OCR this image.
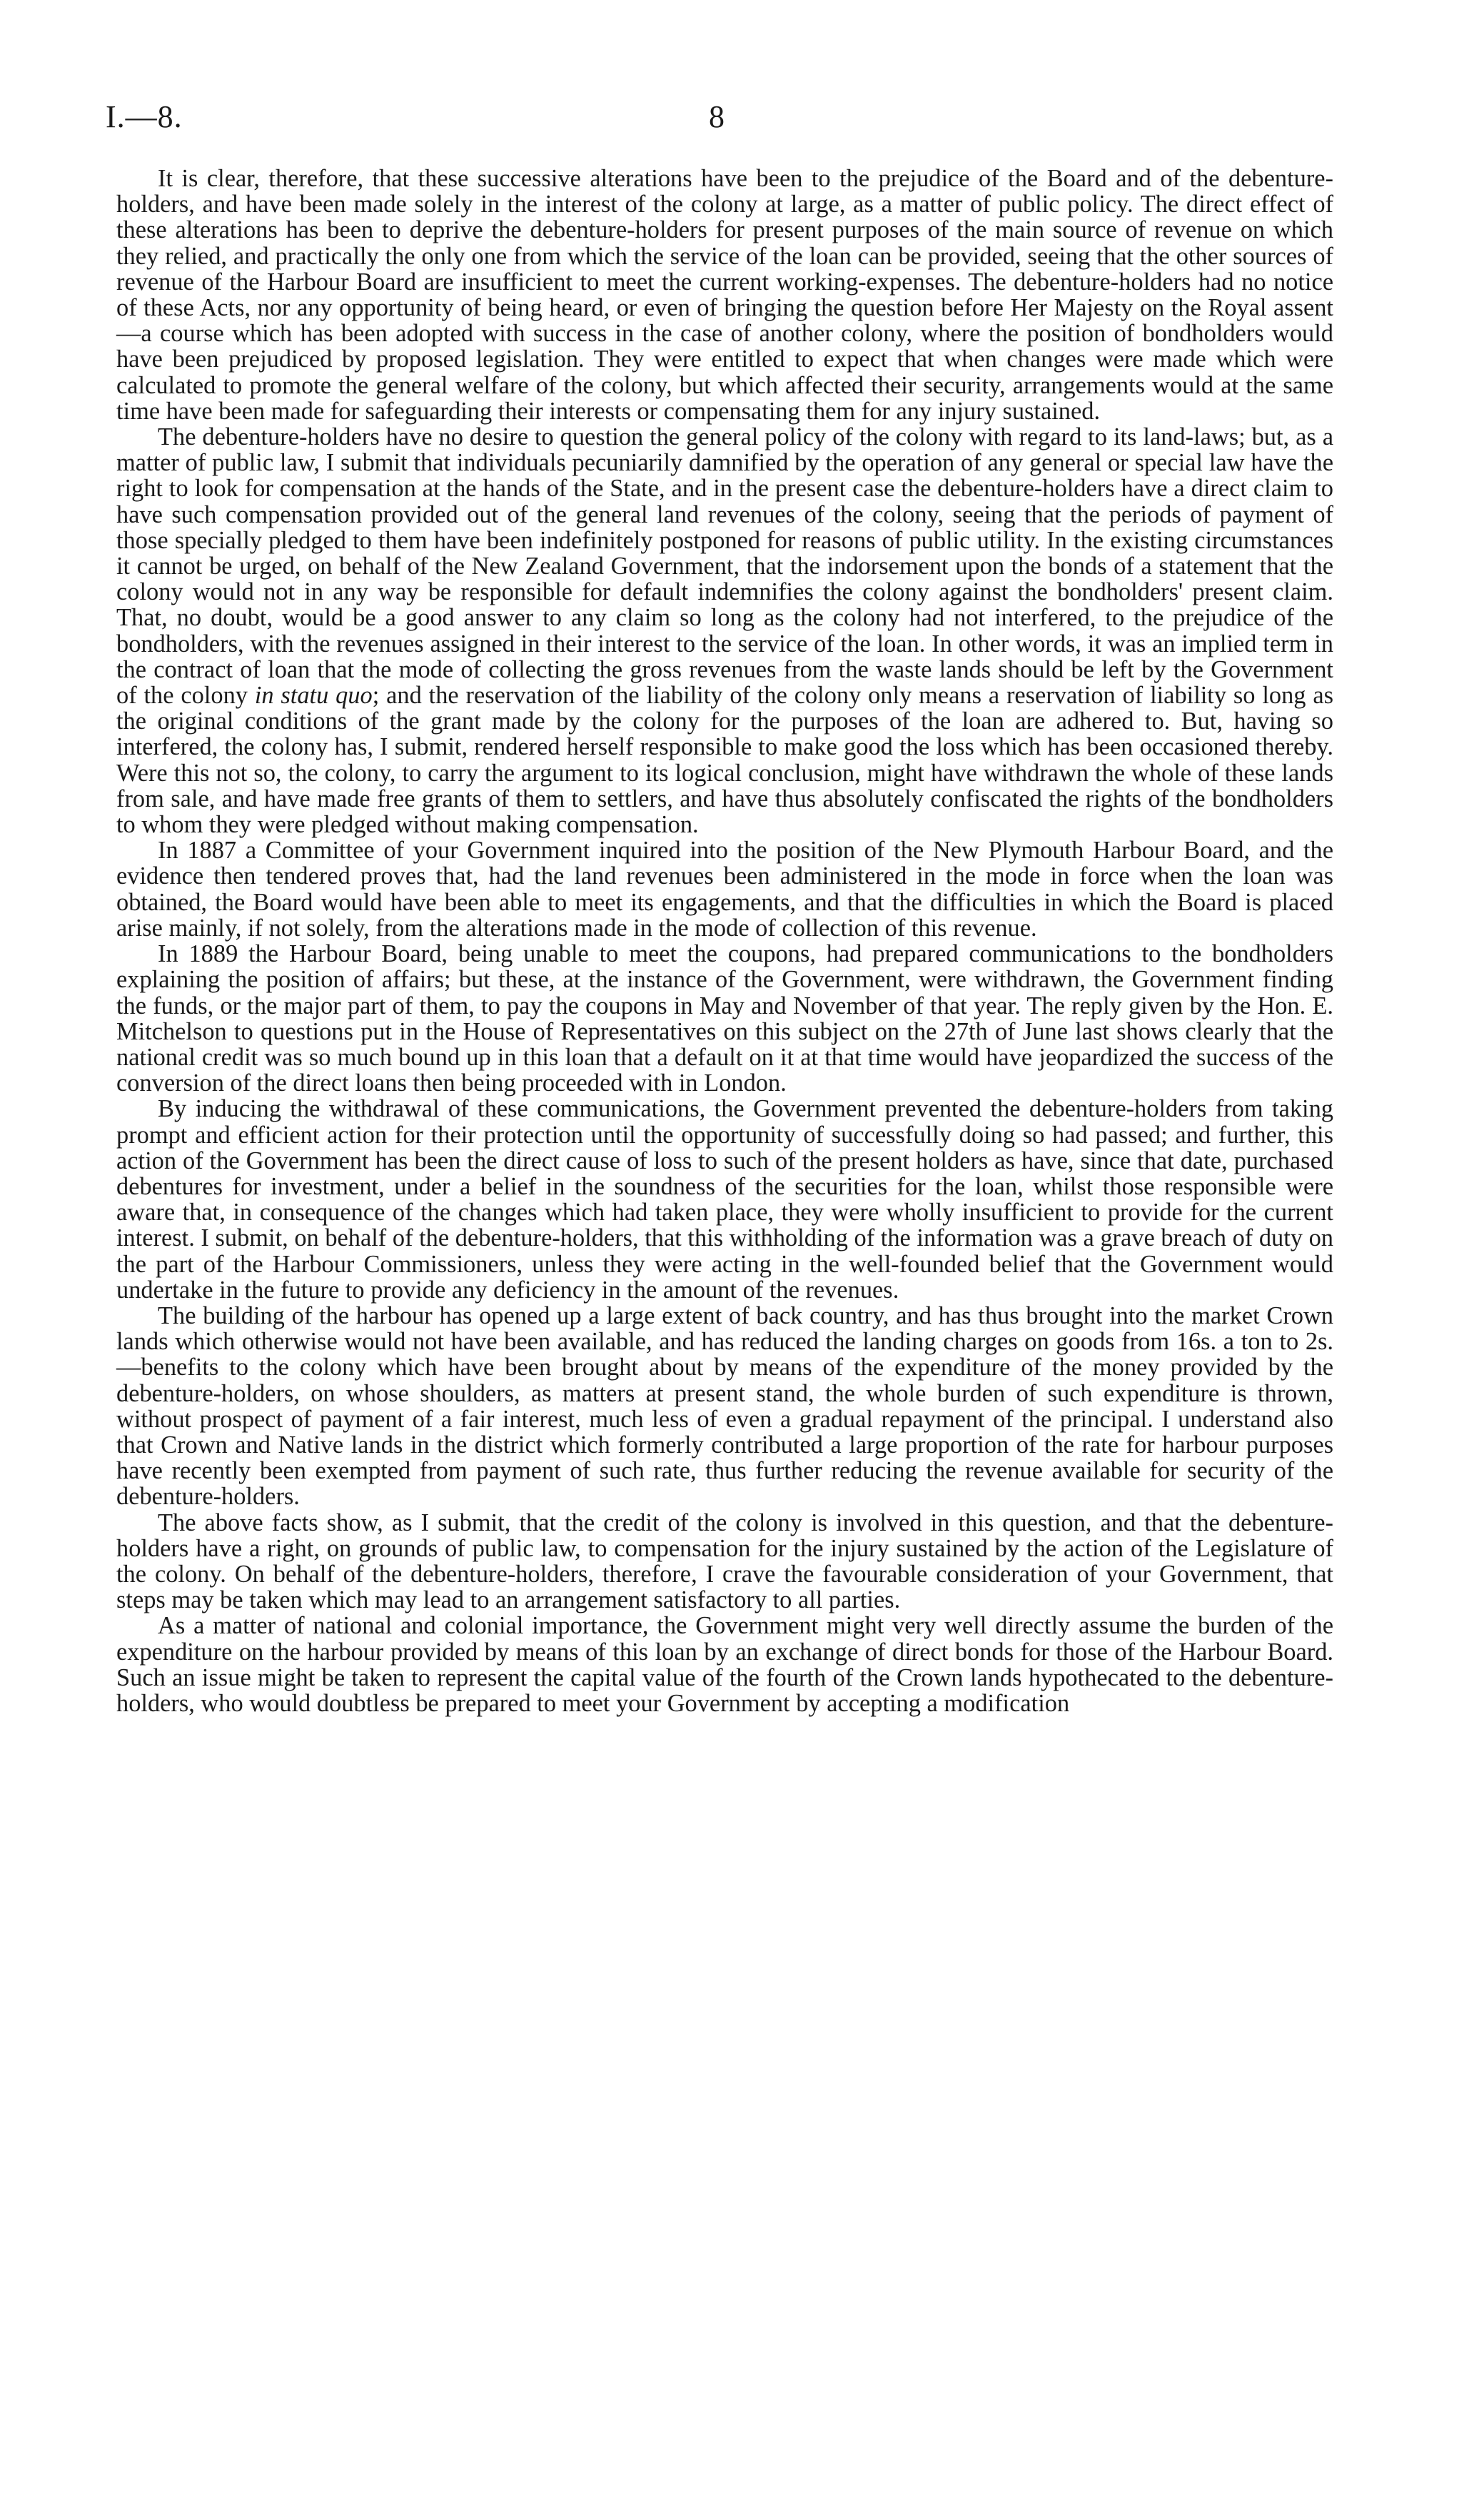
I.—8.	8

It is clear, therefore, that these successive alterations have been to the prejudice of the Board and of the debenture-holders, and have been made solely in the interest of the colony at large, as a matter of public policy. The direct effect of these alterations has been to deprive the debenture-holders for present purposes of the main source of revenue on which they relied, and practically the only one from which the service of the loan can be provided, seeing that the other sources of revenue of the Harbour Board are insufficient to meet the current working-expenses. The debenture-holders had no notice of these Acts, nor any opportunity of being heard, or even of bringing the question before Her Majesty on the Royal assent—a course which has been adopted with success in the case of another colony, where the position of bondholders would have been prejudiced by proposed legislation. They were entitled to expect that when changes were made which were calculated to promote the general welfare of the colony, but which affected their security, arrangements would at the same time have been made for safeguarding their interests or compensating them for any injury sustained.

The debenture-holders have no desire to question the general policy of the colony with regard to its land-laws; but, as a matter of public law, I submit that individuals pecuniarily damnified by the operation of any general or special law have the right to look for compensation at the hands of the State, and in the present case the debenture-holders have a direct claim to have such compensation provided out of the general land revenues of the colony, seeing that the periods of payment of those specially pledged to them have been indefinitely postponed for reasons of public utility. In the existing circumstances it cannot be urged, on behalf of the New Zealand Government, that the indorsement upon the bonds of a statement that the colony would not in any way be responsible for default indemnifies the colony against the bondholders' present claim. That, no doubt, would be a good answer to any claim so long as the colony had not interfered, to the prejudice of the bondholders, with the revenues assigned in their interest to the service of the loan. In other words, it was an implied term in the contract of loan that the mode of collecting the gross revenues from the waste lands should be left by the Government of the colony in statu quo; and the reservation of the liability of the colony only means a reservation of liability so long as the original conditions of the grant made by the colony for the purposes of the loan are adhered to. But, having so interfered, the colony has, I submit, rendered herself responsible to make good the loss which has been occasioned thereby. Were this not so, the colony, to carry the argument to its logical conclusion, might have withdrawn the whole of these lands from sale, and have made free grants of them to settlers, and have thus absolutely confiscated the rights of the bondholders to whom they were pledged without making compensation.

In 1887 a Committee of your Government inquired into the position of the New Plymouth Harbour Board, and the evidence then tendered proves that, had the land revenues been administered in the mode in force when the loan was obtained, the Board would have been able to meet its engagements, and that the difficulties in which the Board is placed arise mainly, if not solely, from the alterations made in the mode of collection of this revenue.

In 1889 the Harbour Board, being unable to meet the coupons, had prepared communications to the bondholders explaining the position of affairs; but these, at the instance of the Government, were withdrawn, the Government finding the funds, or the major part of them, to pay the coupons in May and November of that year. The reply given by the Hon. E. Mitchelson to questions put in the House of Representatives on this subject on the 27th of June last shows clearly that the national credit was so much bound up in this loan that a default on it at that time would have jeopardized the success of the conversion of the direct loans then being proceeded with in London.

By inducing the withdrawal of these communications, the Government prevented the debenture-holders from taking prompt and efficient action for their protection until the opportunity of successfully doing so had passed; and further, this action of the Government has been the direct cause of loss to such of the present holders as have, since that date, purchased debentures for investment, under a belief in the soundness of the securities for the loan, whilst those responsible were aware that, in consequence of the changes which had taken place, they were wholly insufficient to provide for the current interest. I submit, on behalf of the debenture-holders, that this withholding of the information was a grave breach of duty on the part of the Harbour Commissioners, unless they were acting in the well-founded belief that the Government would undertake in the future to provide any deficiency in the amount of the revenues.

The building of the harbour has opened up a large extent of back country, and has thus brought into the market Crown lands which otherwise would not have been available, and has reduced the landing charges on goods from 16s. a ton to 2s.—benefits to the colony which have been brought about by means of the expenditure of the money provided by the debenture-holders, on whose shoulders, as matters at present stand, the whole burden of such expenditure is thrown, without prospect of payment of a fair interest, much less of even a gradual repayment of the principal. I understand also that Crown and Native lands in the district which formerly contributed a large proportion of the rate for harbour purposes have recently been exempted from payment of such rate, thus further reducing the revenue available for security of the debenture-holders.

The above facts show, as I submit, that the credit of the colony is involved in this question, and that the debenture-holders have a right, on grounds of public law, to compensation for the injury sustained by the action of the Legislature of the colony. On behalf of the debenture-holders, therefore, I crave the favourable consideration of your Government, that steps may be taken which may lead to an arrangement satisfactory to all parties.

As a matter of national and colonial importance, the Government might very well directly assume the burden of the expenditure on the harbour provided by means of this loan by an exchange of direct bonds for those of the Harbour Board. Such an issue might be taken to represent the capital value of the fourth of the Crown lands hypothecated to the debenture-holders, who would doubtless be prepared to meet your Government by accepting a modification
